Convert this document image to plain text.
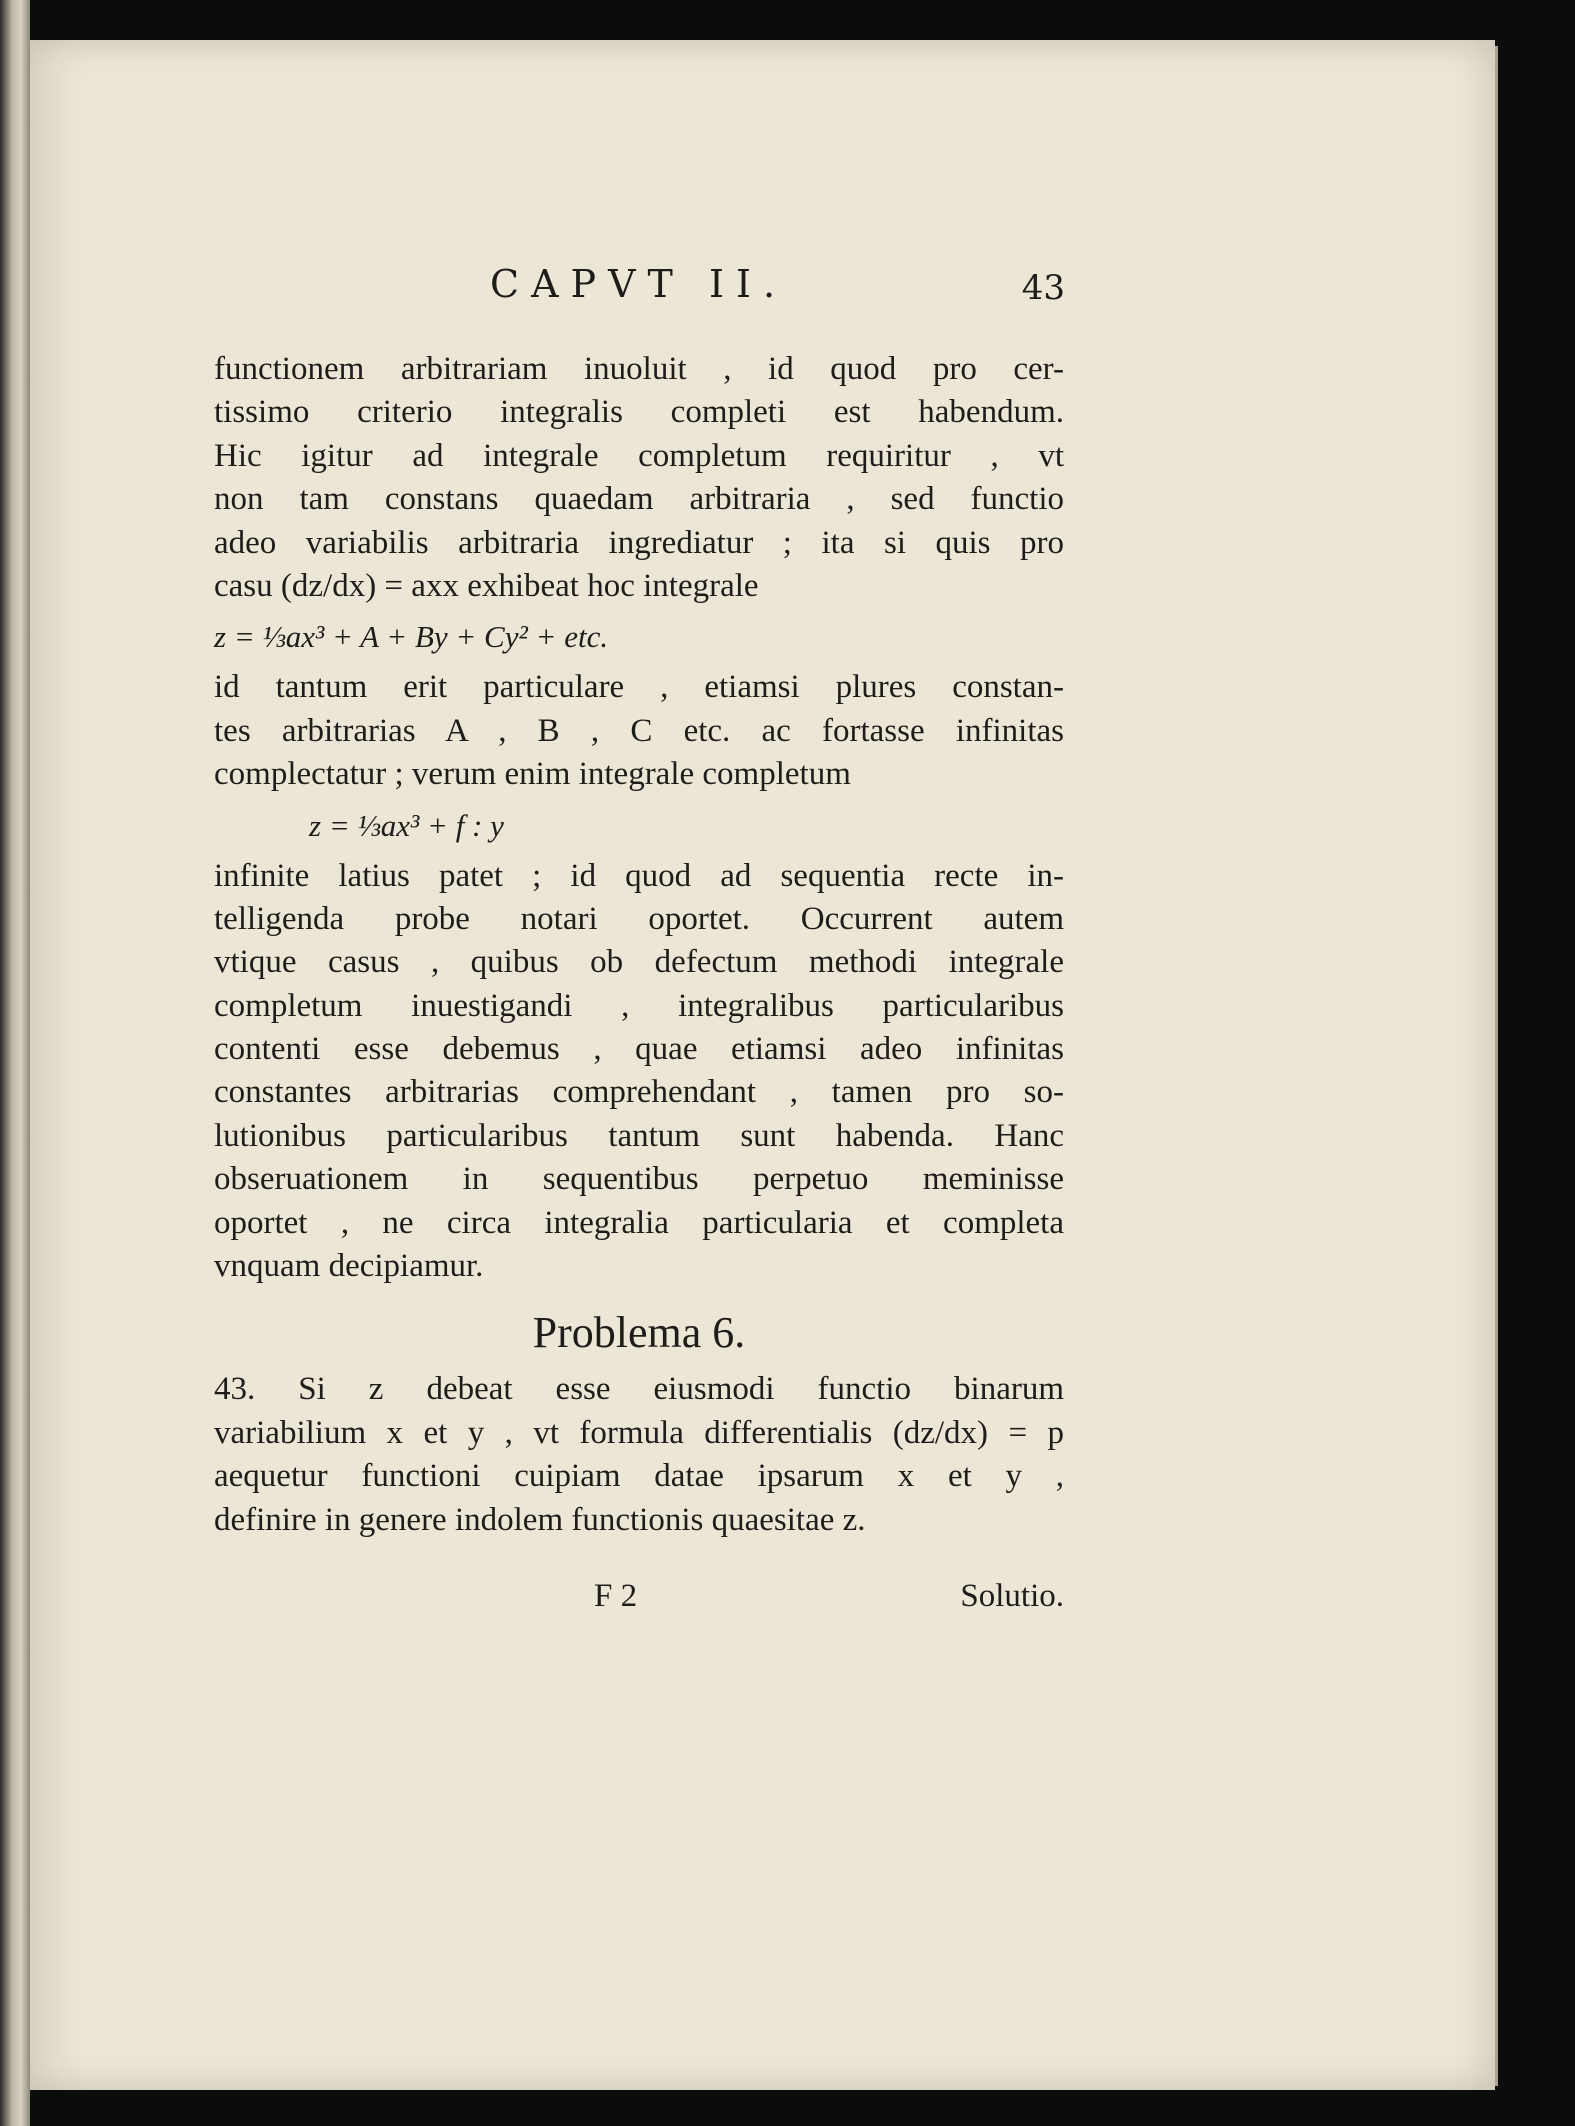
CAPVT II.	43
functionem arbitrariam inuoluit , id quod pro cer-
tissimo criterio integralis completi est habendum.
Hic igitur ad integrale completum requiritur , vt
non tam constans quaedam arbitraria , sed functio
adeo variabilis arbitraria ingrediatur ; ita si quis pro
casu (dz/dx) = axx exhibeat hoc integrale
z = ⅓ax³ + A + By + Cy² + etc.
id tantum erit particulare , etiamsi plures constan-
tes arbitrarias A , B , C etc. ac fortasse infinitas
complectatur ; verum enim integrale completum
z = ⅓ax³ + f : y
infinite latius patet ; id quod ad sequentia recte in-
telligenda probe notari oportet. Occurrent autem
vtique casus , quibus ob defectum methodi integrale
completum inuestigandi , integralibus particularibus
contenti esse debemus , quae etiamsi adeo infinitas
constantes arbitrarias comprehendant , tamen pro so-
lutionibus particularibus tantum sunt habenda. Hanc
obseruationem in sequentibus perpetuo meminisse
oportet , ne circa integralia particularia et completa
vnquam decipiamur.
Problema 6.
43. Si z debeat esse eiusmodi functio binarum
variabilium x et y , vt formula differentialis (dz/dx) = p
aequetur functioni cuipiam datae ipsarum x et y ,
definire in genere indolem functionis quaesitae z.
F 2	Solutio.
